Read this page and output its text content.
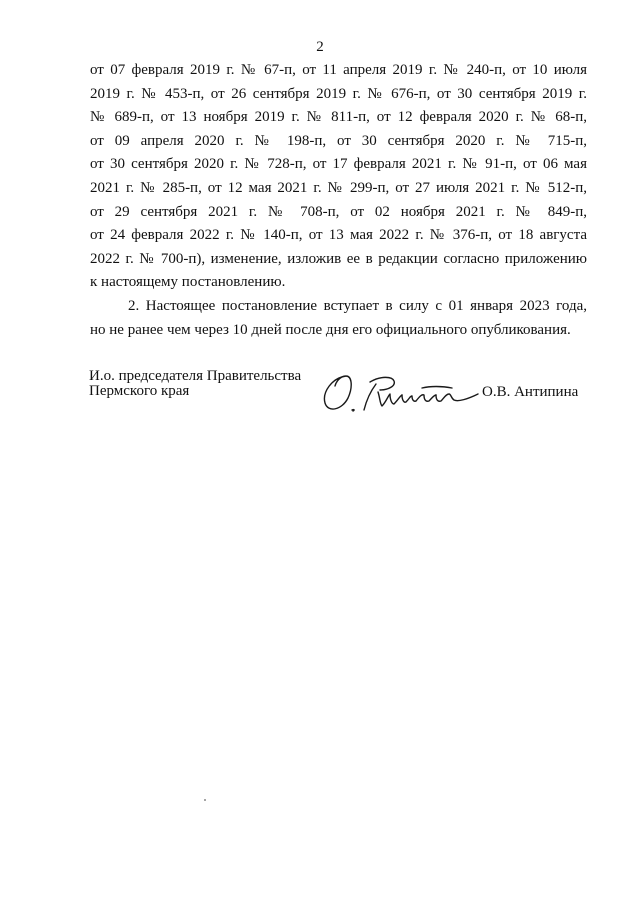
2
от 07 февраля 2019 г. № 67-п, от 11 апреля 2019 г. № 240-п, от 10 июля
2019 г. № 453-п, от 26 сентября 2019 г. № 676-п, от 30 сентября 2019 г.
№ 689-п, от 13 ноября 2019 г. № 811-п, от 12 февраля 2020 г. № 68-п,
от 09 апреля 2020 г. № 198-п, от 30 сентября 2020 г. № 715-п,
от 30 сентября 2020 г. № 728-п, от 17 февраля 2021 г. № 91-п, от 06 мая
2021 г. № 285-п, от 12 мая 2021 г. № 299-п, от 27 июля 2021 г. № 512-п,
от 29 сентября 2021 г. № 708-п, от 02 ноября 2021 г. № 849-п,
от 24 февраля 2022 г. № 140-п, от 13 мая 2022 г. № 376-п, от 18 августа
2022 г. № 700-п), изменение, изложив ее в редакции согласно приложению
к настоящему постановлению.
2. Настоящее постановление вступает в силу с 01 января 2023 года,
но не ранее чем через 10 дней после дня его официального опубликования.
И.о. председателя Правительства
Пермского края	О.В. Антипина
